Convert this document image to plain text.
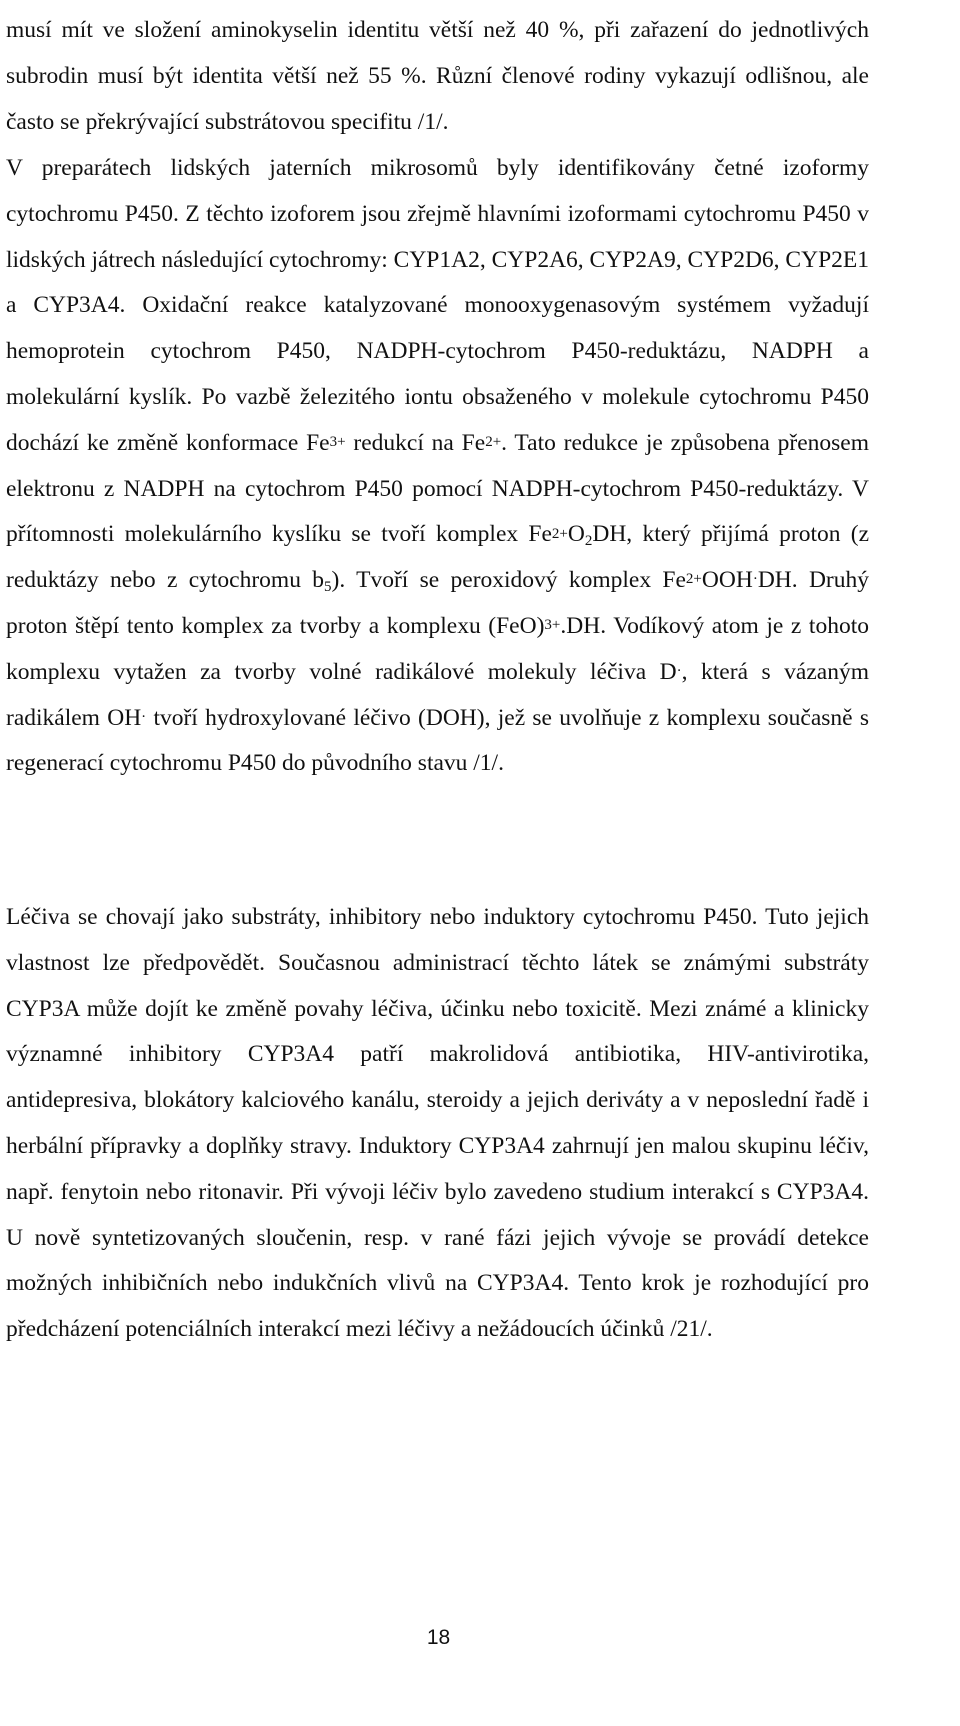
musí mít ve složení aminokyselin identitu větší než 40 %, při zařazení do jednotlivých subrodin musí být identita větší než 55 %. Různí členové rodiny vykazují odlišnou, ale často se překrývající substrátovou specifitu /1/.

V preparátech lidských jaterních mikrosomů byly identifikovány četné izoformy cytochromu P450. Z těchto izoforem jsou zřejmě hlavními izoformami cytochromu P450 v lidských játrech následující cytochromy: CYP1A2, CYP2A6, CYP2A9, CYP2D6, CYP2E1 a CYP3A4. Oxidační reakce katalyzované monooxygenasovým systémem vyžadují hemoprotein cytochrom P450, NADPH-cytochrom P450-reduktázu, NADPH a molekulární kyslík. Po vazbě železitého iontu obsaženého v molekule cytochromu P450 dochází ke změně konformace $Fe^{3+}$ redukcí na $Fe^{2+}$. Tato redukce je způsobena přenosem elektronu z NADPH na cytochrom P450 pomocí NADPH-cytochrom P450-reduktázy. V přítomnosti molekulárního kyslíku se tvoří komplex $Fe^{2+}O_2DH$, který přijímá proton (z reduktázy nebo z cytochromu $b_5$). Tvoří se peroxidový komplex $Fe^{2+}OOH^\cdot DH$. Druhý proton štěpí tento komplex za tvorby a komplexu (FeO)$^{3+}$.DH. Vodíkový atom je z tohoto komplexu vytažen za tvorby volné radikálové molekuly léčiva D·, která s vázaným radikálem OH· tvoří hydroxylované léčivo (DOH), jež se uvolňuje z komplexu současně s regenerací cytochromu P450 do původního stavu /1/.

Léčiva se chovají jako substráty, inhibitory nebo induktory cytochromu P450. Tuto jejich vlastnost lze předpovědět. Současnou administrací těchto látek se známými substráty CYP3A může dojít ke změně povahy léčiva, účinku nebo toxicitě. Mezi známé a klinicky významné inhibitory CYP3A4 patří makrolidová antibiotika, HIV-antivirotika, antidepresiva, blokátory kalciového kanálu, steroidy a jejich deriváty a v neposlední řadě i herbální přípravky a doplňky stravy. Induktory CYP3A4 zahrnují jen malou skupinu léčiv, např. fenytoin nebo ritonavir. Při vývoji léčiv bylo zavedeno studium interakcí s CYP3A4. U nově syntetizovaných sloučenin, resp. v rané fázi jejich vývoje se provádí detekce možných inhibičních nebo indukčních vlivů na CYP3A4. Tento krok je rozhodující pro předcházení potenciálních interakcí mezi léčivy a nežádoucích účinků /21/.

18
